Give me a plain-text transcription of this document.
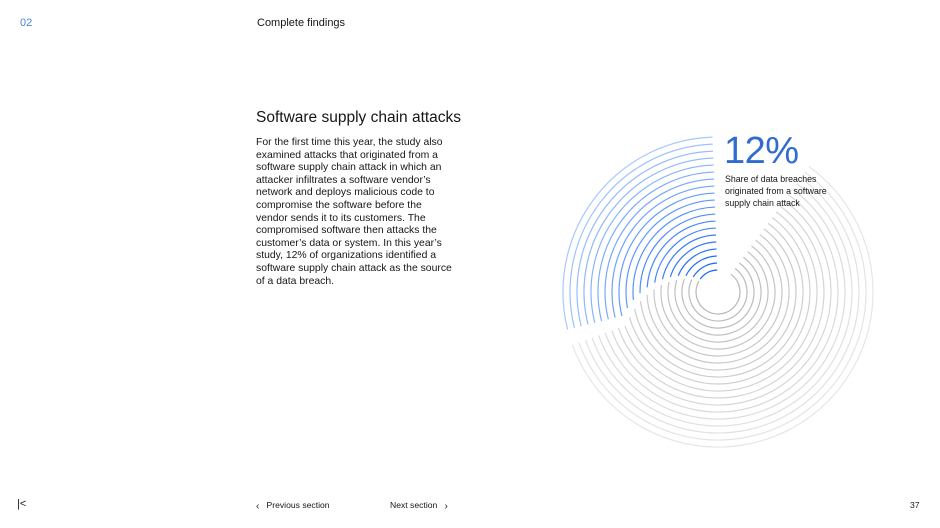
02	Complete findings
Software supply chain attacks

For the first time this year, the study also examined attacks that originated from a software supply chain attack in which an attacker infiltrates a software vendor’s network and deploys malicious code to compromise the software before the vendor sends it to its customers. The compromised software then attacks the customer’s data or system. In this year’s study, 12% of organizations identified a software supply chain attack as the source of a data breach.

12%
Share of data breaches originated from a software supply chain attack
|<	‹ Previous section	Next section ›	37
